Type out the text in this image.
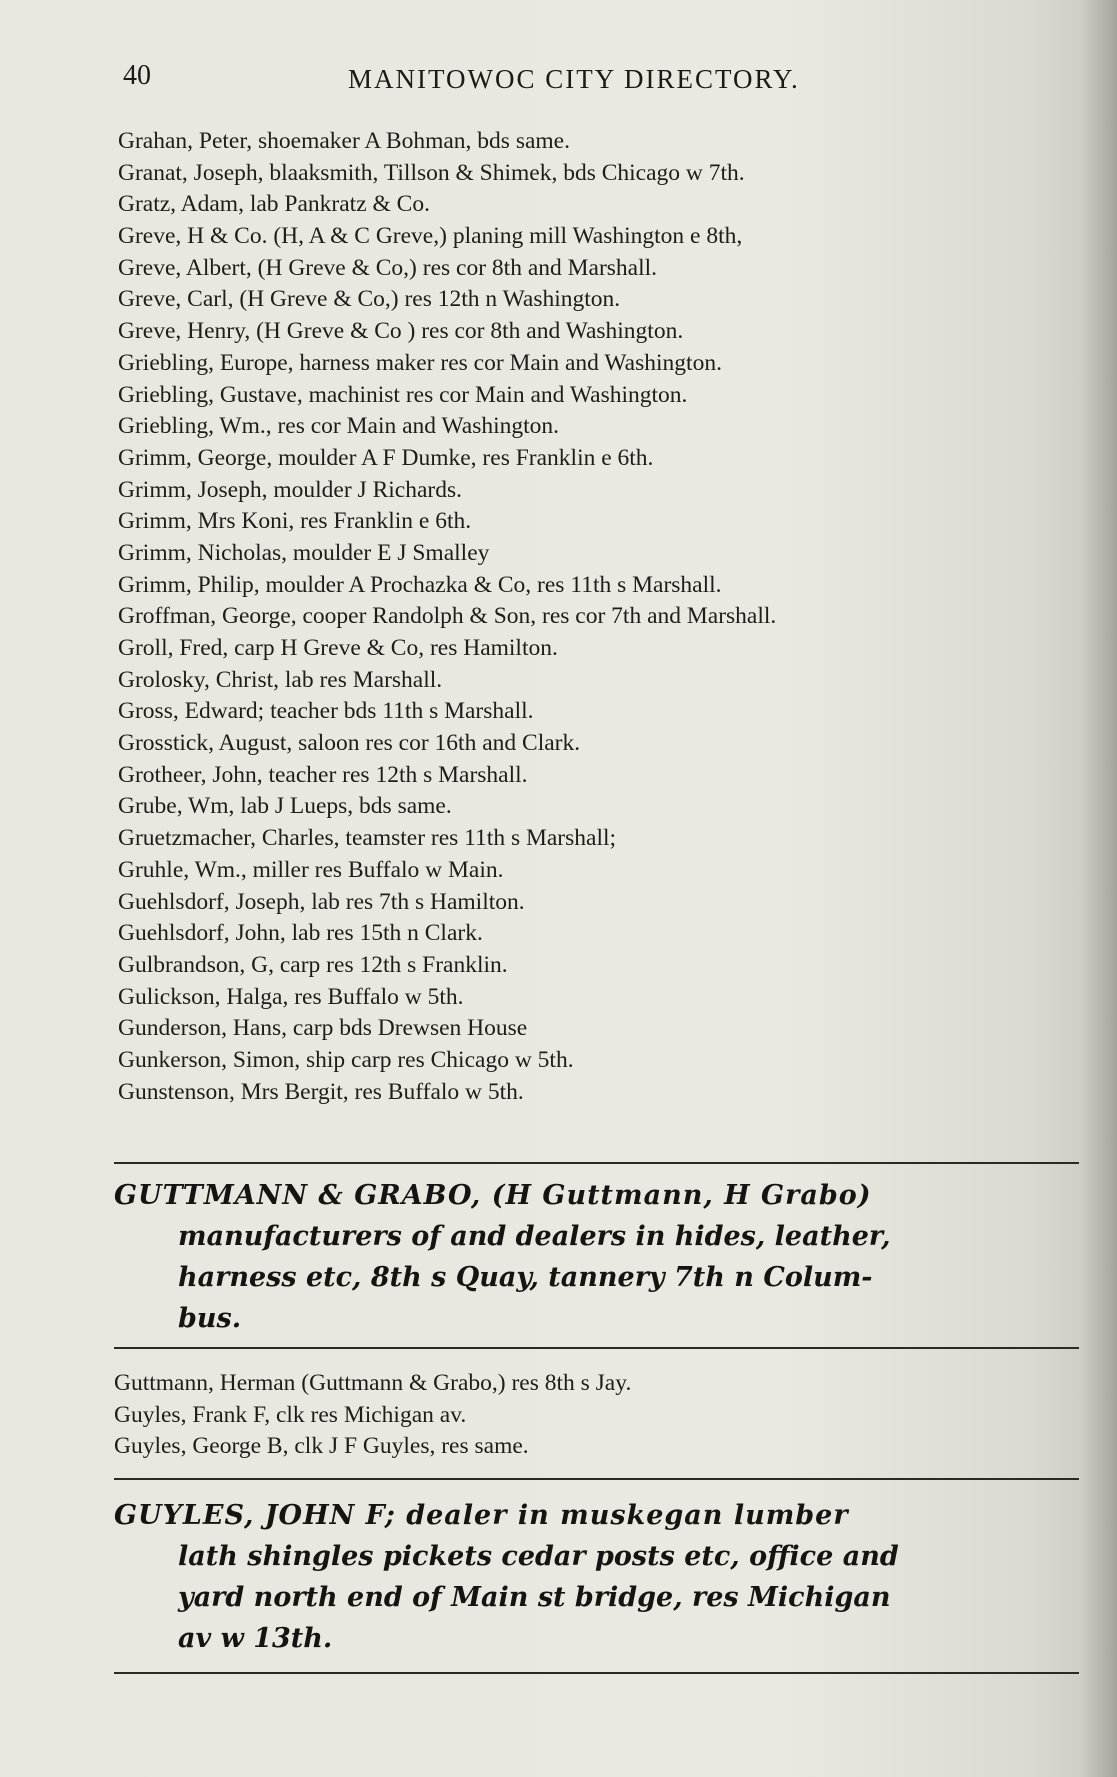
40	MANITOWOC CITY DIRECTORY.
Grahan, Peter, shoemaker A Bohman, bds same.
Granat, Joseph, blaaksmith, Tillson & Shimek, bds Chicago w 7th.
Gratz, Adam, lab Pankratz & Co.
Greve, H & Co. (H, A & C Greve,) planing mill Washington e 8th,
Greve, Albert, (H Greve & Co,) res cor 8th and Marshall.
Greve, Carl, (H Greve & Co,) res 12th n Washington.
Greve, Henry, (H Greve & Co ) res cor 8th and Washington.
Griebling, Europe, harness maker res cor Main and Washington.
Griebling, Gustave, machinist res cor Main and Washington.
Griebling, Wm., res cor Main and Washington.
Grimm, George, moulder A F Dumke, res Franklin e 6th.
Grimm, Joseph, moulder J Richards.
Grimm, Mrs Koni, res Franklin e 6th.
Grimm, Nicholas, moulder E J Smalley
Grimm, Philip, moulder A Prochazka & Co, res 11th s Marshall.
Groffman, George, cooper Randolph & Son, res cor 7th and Marshall.
Groll, Fred, carp H Greve & Co, res Hamilton.
Grolosky, Christ, lab res Marshall.
Gross, Edward; teacher bds 11th s Marshall.
Grosstick, August, saloon res cor 16th and Clark.
Grotheer, John, teacher res 12th s Marshall.
Grube, Wm, lab J Lueps, bds same.
Gruetzmacher, Charles, teamster res 11th s Marshall;
Gruhle, Wm., miller res Buffalo w Main.
Guehlsdorf, Joseph, lab res 7th s Hamilton.
Guehlsdorf, John, lab res 15th n Clark.
Gulbrandson, G, carp res 12th s Franklin.
Gulickson, Halga, res Buffalo w 5th.
Gunderson, Hans, carp bds Drewsen House
Gunkerson, Simon, ship carp res Chicago w 5th.
Gunstenson, Mrs Bergit, res Buffalo w 5th.
GUTTMANN & GRABO, (H Guttmann, H Grabo)
manufacturers of and dealers in hides, leather,
harness etc, 8th s Quay, tannery 7th n Colum-
bus.
Guttmann, Herman (Guttmann & Grabo,) res 8th s Jay.
Guyles, Frank F, clk res Michigan av.
Guyles, George B, clk J F Guyles, res same.
GUYLES, JOHN F; dealer in muskegan lumber
lath shingles pickets cedar posts etc, office and
yard north end of Main st bridge, res Michigan
av w 13th.
